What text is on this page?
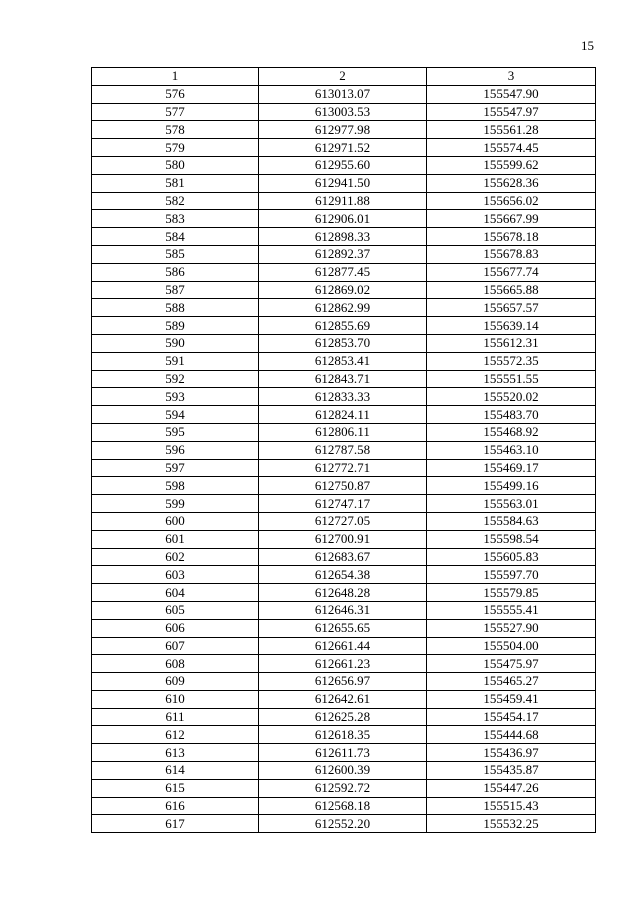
15
1	2	3
576	613013.07	155547.90
577	613003.53	155547.97
578	612977.98	155561.28
579	612971.52	155574.45
580	612955.60	155599.62
581	612941.50	155628.36
582	612911.88	155656.02
583	612906.01	155667.99
584	612898.33	155678.18
585	612892.37	155678.83
586	612877.45	155677.74
587	612869.02	155665.88
588	612862.99	155657.57
589	612855.69	155639.14
590	612853.70	155612.31
591	612853.41	155572.35
592	612843.71	155551.55
593	612833.33	155520.02
594	612824.11	155483.70
595	612806.11	155468.92
596	612787.58	155463.10
597	612772.71	155469.17
598	612750.87	155499.16
599	612747.17	155563.01
600	612727.05	155584.63
601	612700.91	155598.54
602	612683.67	155605.83
603	612654.38	155597.70
604	612648.28	155579.85
605	612646.31	155555.41
606	612655.65	155527.90
607	612661.44	155504.00
608	612661.23	155475.97
609	612656.97	155465.27
610	612642.61	155459.41
611	612625.28	155454.17
612	612618.35	155444.68
613	612611.73	155436.97
614	612600.39	155435.87
615	612592.72	155447.26
616	612568.18	155515.43
617	612552.20	155532.25
